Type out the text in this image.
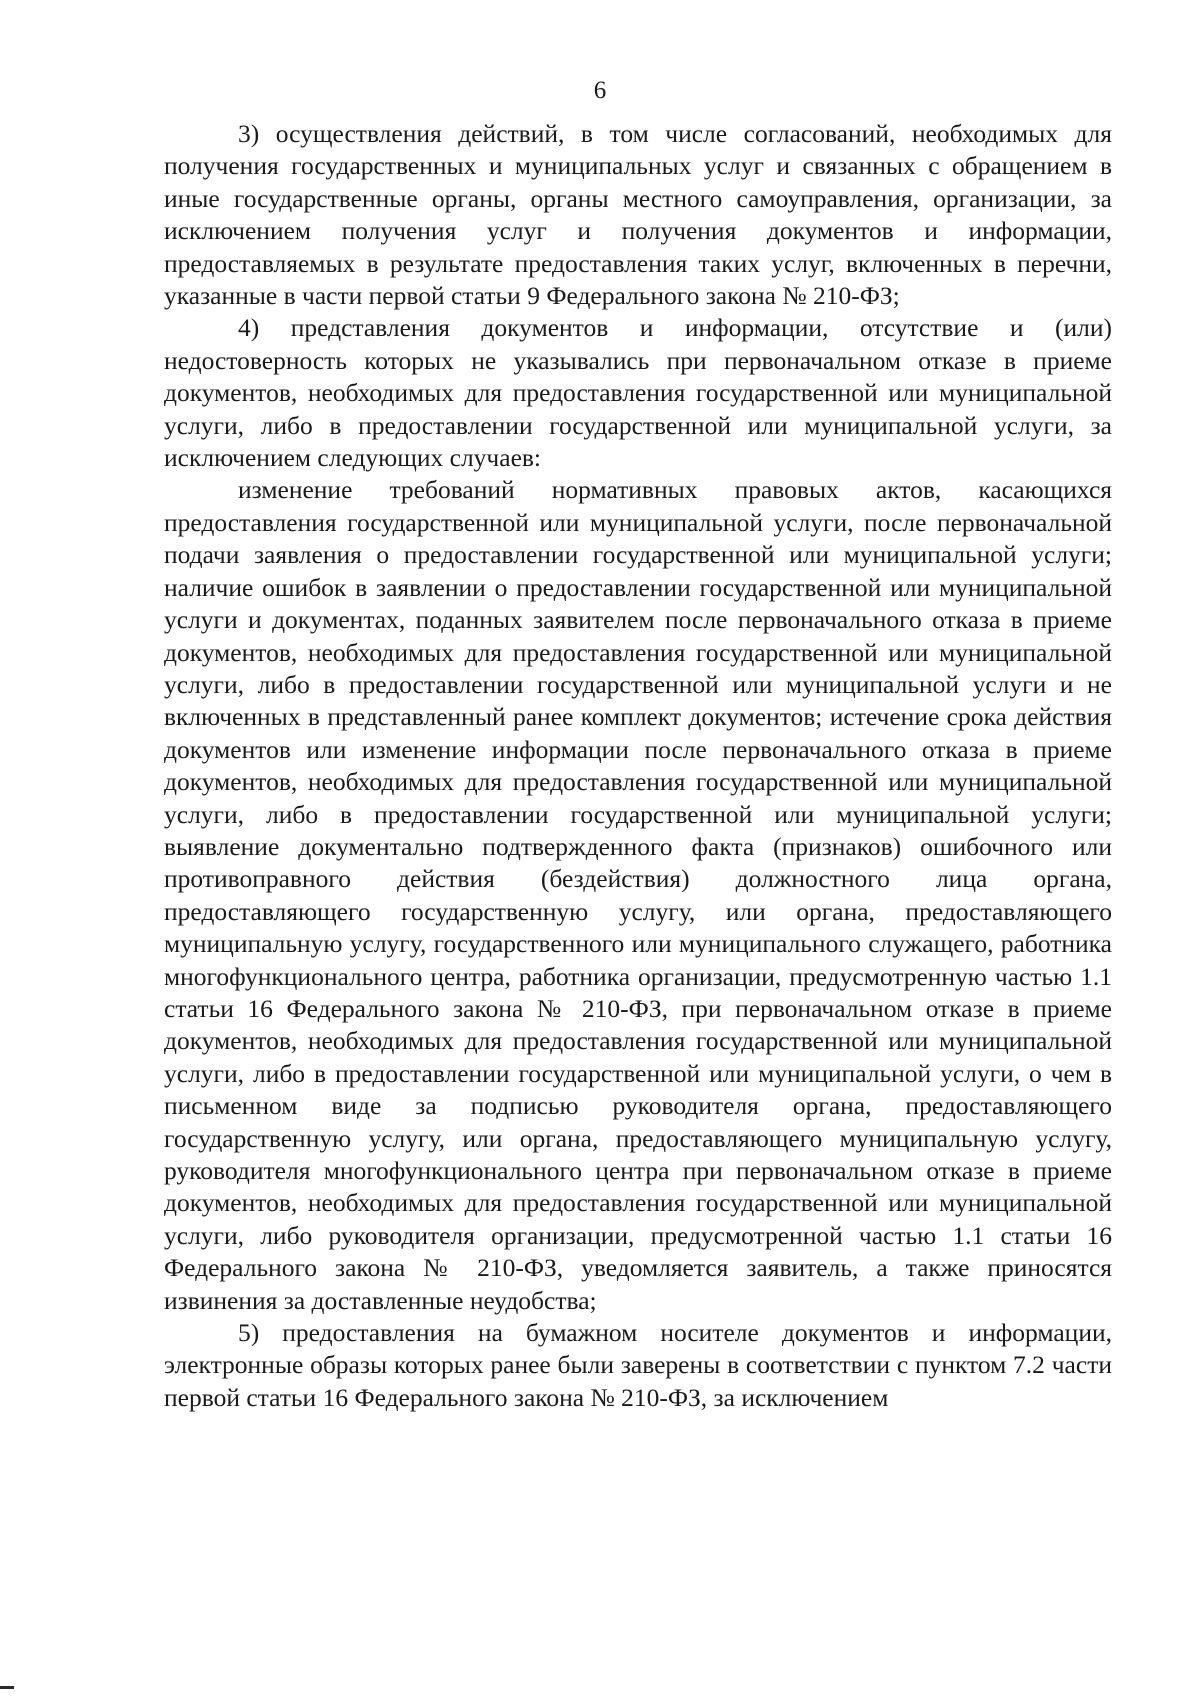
6

3) осуществления действий, в том числе согласований, необходимых для получения государственных и муниципальных услуг и связанных с обращением в иные государственные органы, органы местного самоуправления, организации, за исключением получения услуг и получения документов и информации, предоставляемых в результате предоставления таких услуг, включенных в перечни, указанные в части первой статьи 9 Федерального закона № 210-ФЗ;

4) представления документов и информации, отсутствие и (или) недостоверность которых не указывались при первоначальном отказе в приеме документов, необходимых для предоставления государственной или муниципальной услуги, либо в предоставлении государственной или муниципальной услуги, за исключением следующих случаев:

изменение требований нормативных правовых актов, касающихся предоставления государственной или муниципальной услуги, после первоначальной подачи заявления о предоставлении государственной или муниципальной услуги; наличие ошибок в заявлении о предоставлении государственной или муниципальной услуги и документах, поданных заявителем после первоначального отказа в приеме документов, необходимых для предоставления государственной или муниципальной услуги, либо в предоставлении государственной или муниципальной услуги и не включенных в представленный ранее комплект документов; истечение срока действия документов или изменение информации после первоначального отказа в приеме документов, необходимых для предоставления государственной или муниципальной услуги, либо в предоставлении государственной или муниципальной услуги; выявление документально подтвержденного факта (признаков) ошибочного или противоправного действия (бездействия) должностного лица органа, предоставляющего государственную услугу, или органа, предоставляющего муниципальную услугу, государственного или муниципального служащего, работника многофункционального центра, работника организации, предусмотренную частью 1.1 статьи 16 Федерального закона № 210-ФЗ, при первоначальном отказе в приеме документов, необходимых для предоставления государственной или муниципальной услуги, либо в предоставлении государственной или муниципальной услуги, о чем в письменном виде за подписью руководителя органа, предоставляющего государственную услугу, или органа, предоставляющего муниципальную услугу, руководителя многофункционального центра при первоначальном отказе в приеме документов, необходимых для предоставления государственной или муниципальной услуги, либо руководителя организации, предусмотренной частью 1.1 статьи 16 Федерального закона № 210-ФЗ, уведомляется заявитель, а также приносятся извинения за доставленные неудобства;

5) предоставления на бумажном носителе документов и информации, электронные образы которых ранее были заверены в соответствии с пунктом 7.2 части первой статьи 16 Федерального закона № 210-ФЗ, за исключением
